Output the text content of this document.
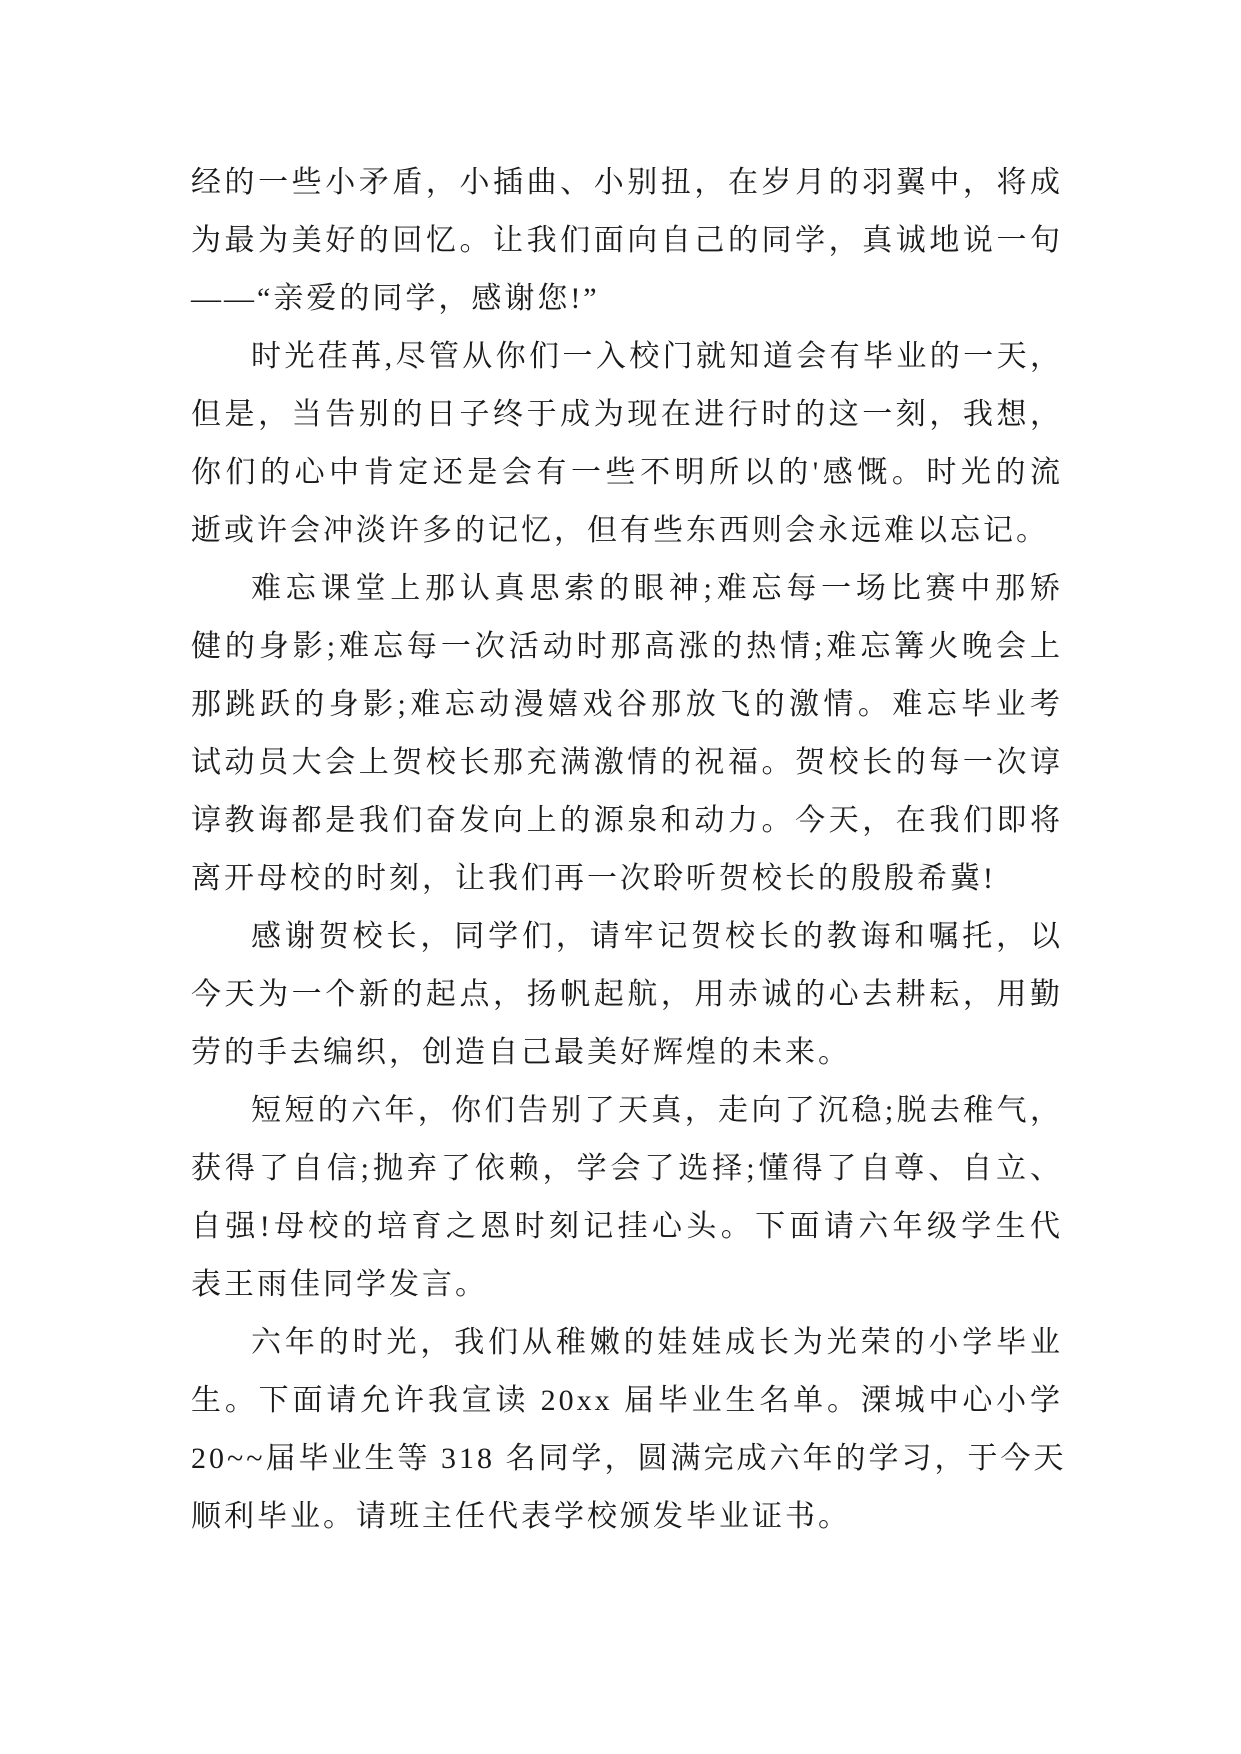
经的一些小矛盾，小插曲、小别扭，在岁月的羽翼中，将成
为最为美好的回忆。让我们面向自己的同学，真诚地说一句
——“亲爱的同学，感谢您!”
时光荏苒,尽管从你们一入校门就知道会有毕业的一天，
但是，当告别的日子终于成为现在进行时的这一刻，我想，
你们的心中肯定还是会有一些不明所以的'感慨。时光的流
逝或许会冲淡许多的记忆，但有些东西则会永远难以忘记。
难忘课堂上那认真思索的眼神;难忘每一场比赛中那矫
健的身影;难忘每一次活动时那高涨的热情;难忘篝火晚会上
那跳跃的身影;难忘动漫嬉戏谷那放飞的激情。难忘毕业考
试动员大会上贺校长那充满激情的祝福。贺校长的每一次谆
谆教诲都是我们奋发向上的源泉和动力。今天，在我们即将
离开母校的时刻，让我们再一次聆听贺校长的殷殷希冀!
感谢贺校长，同学们，请牢记贺校长的教诲和嘱托，以
今天为一个新的起点，扬帆起航，用赤诚的心去耕耘，用勤
劳的手去编织，创造自己最美好辉煌的未来。
短短的六年，你们告别了天真，走向了沉稳;脱去稚气，
获得了自信;抛弃了依赖，学会了选择;懂得了自尊、自立、
自强!母校的培育之恩时刻记挂心头。下面请六年级学生代
表王雨佳同学发言。
六年的时光，我们从稚嫩的娃娃成长为光荣的小学毕业
生。下面请允许我宣读 20xx 届毕业生名单。溧城中心小学
20~~届毕业生等 318 名同学，圆满完成六年的学习，于今天
顺利毕业。请班主任代表学校颁发毕业证书。
